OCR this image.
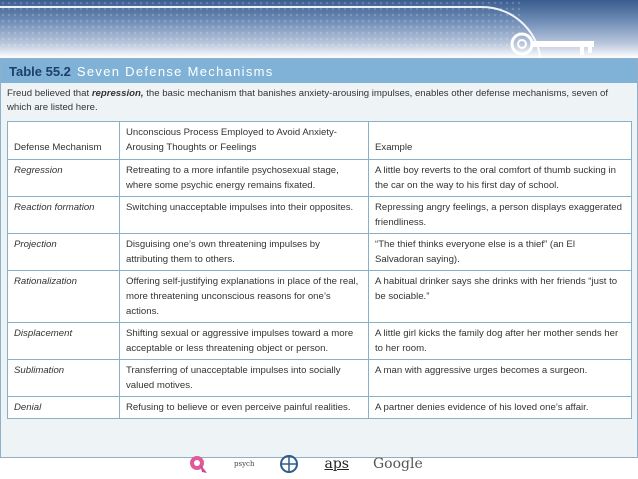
Table 55.2 Seven Defense Mechanisms
Freud believed that repression, the basic mechanism that banishes anxiety-arousing impulses, enables other defense mechanisms, seven of which are listed here.
Defense Mechanism	Unconscious Process Employed to Avoid Anxiety-Arousing Thoughts or Feelings	Example
Regression	Retreating to a more infantile psychosexual stage, where some psychic energy remains fixated.	A little boy reverts to the oral comfort of thumb sucking in the car on the way to his first day of school.
Reaction formation	Switching unacceptable impulses into their opposites.	Repressing angry feelings, a person displays exaggerated friendliness.
Projection	Disguising one’s own threatening impulses by attributing them to others.	“The thief thinks everyone else is a thief” (an El Salvadoran saying).
Rationalization	Offering self-justifying explanations in place of the real, more threatening unconscious reasons for one’s actions.	A habitual drinker says she drinks with her friends “just to be sociable.”
Displacement	Shifting sexual or aggressive impulses toward a more acceptable or less threatening object or person.	A little girl kicks the family dog after her mother sends her to her room.
Sublimation	Transferring of unacceptable impulses into socially valued motives.	A man with aggressive urges becomes a surgeon.
Denial	Refusing to believe or even perceive painful realities.	A partner denies evidence of his loved one’s affair.
psych	aps Google
